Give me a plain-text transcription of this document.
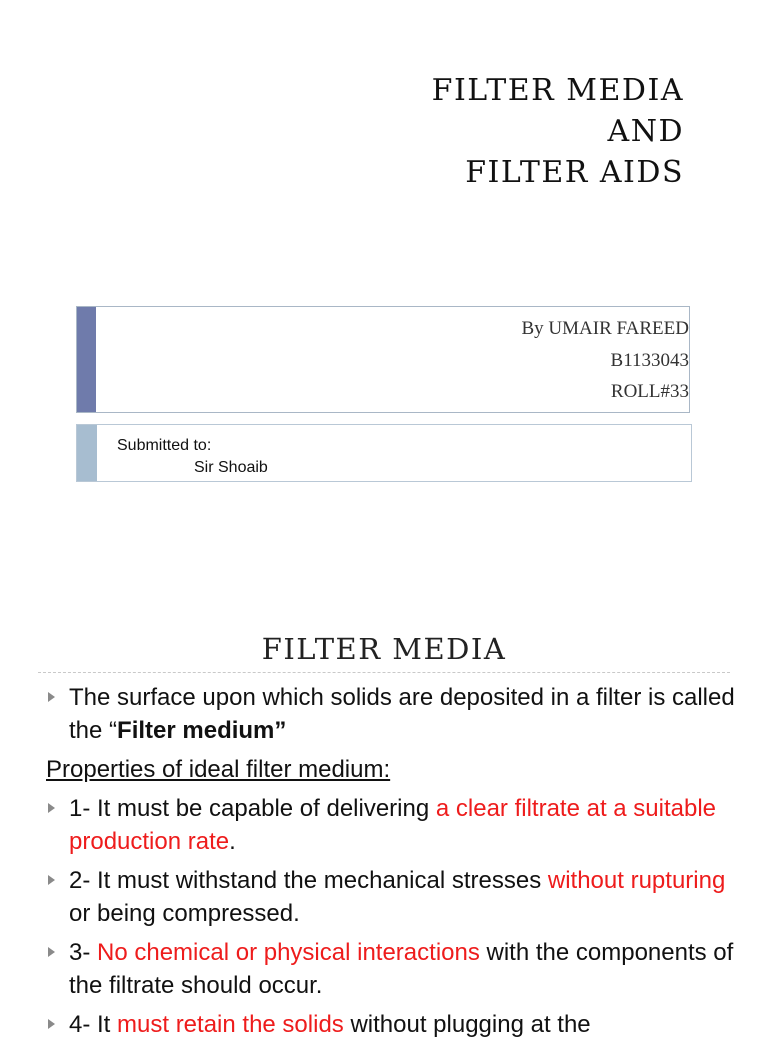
FILTER MEDIA
AND
FILTER AIDS
By UMAIR FAREED
B1133043
ROLL#33
Submitted to:
Sir Shoaib
FILTER MEDIA
The surface upon which solids are deposited in a filter is called the “Filter medium”
Properties of ideal filter medium:
1- It must be capable of delivering a clear filtrate at a suitable production rate.
2- It must withstand the mechanical stresses without rupturing or being compressed.
3- No chemical or physical interactions with the components of the filtrate should occur.
4- It must retain the solids without plugging at the
